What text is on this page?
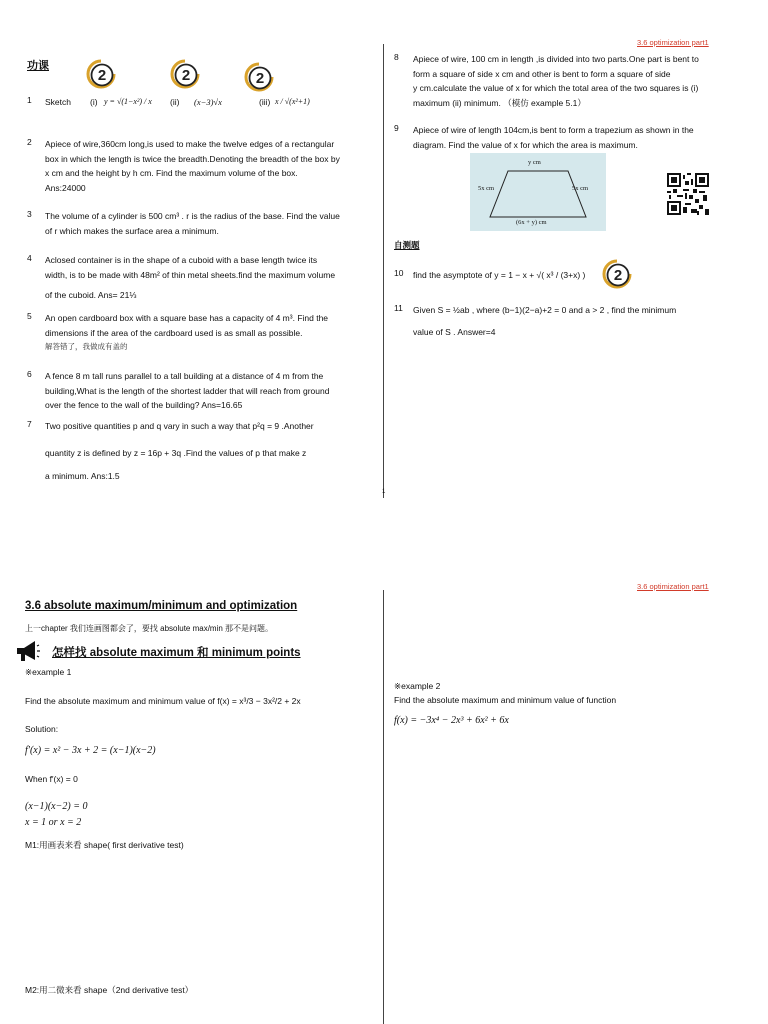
3.6 optimization part1
功课
2	2	2
1 Sketch (i) y = √(1−x²) / x (ii) (x−3)√x	(iii) x / √(x²+1)
2 Apiece of wire,360cm long,is used to make the twelve edges of a rectangular
box in which the length is twice the breadth.Denoting the breadth of the box by
x cm and the height by h cm. Find the maximum volume of the box.
Ans:24000
3 The volume of a cylinder is 500 cm³ . r is the radius of the base. Find the value
of r which makes the surface area a minimum.
4 Aclosed container is in the shape of a cuboid with a base length twice its
width, is to be made with 48m² of thin metal sheets.find the maximum volume
of the cuboid. Ans= 21⅓
5 An open cardboard box with a square base has a capacity of 4 m³. Find the
dimensions if the area of the cardboard used is as small as possible.
解答错了，我做成有盖的
6 A fence 8 m tall runs parallel to a tall building at a distance of 4 m from the
building,What is the length of the shortest ladder that will reach from ground
over the fence to the wall of the building? Ans=16.65
7 Two positive quantities p and q vary in such a way that p²q = 9 .Another
quantity z is defined by z = 16p + 3q .Find the values of p that make z
a minimum. Ans:1.5
1
8 Apiece of wire, 100 cm in length ,is divided into two parts.One part is bent to
form a square of side x cm and other is bent to form a square of side
y cm.calculate the value of x for which the total area of the two squares is (i)
maximum (ii) minimum. （模仿 example 5.1）
9 Apiece of wire of length 104cm,is bent to form a trapezium as shown in the
diagram. Find the value of x for which the area is maximum.
y cm
5x cm	5x cm
(6x + y) cm
自测题
10 find the asymptote of y = 1 − x + √( x³ / (3+x) ) 2
11 Given S = ½ab , where (b−1)(2−a)+2 = 0 and a > 2 , find the minimum
value of S . Answer=4
3.6 optimization part1
3.6 absolute maximum/minimum and optimization
上一chapter 我们连画图都会了，要找 absolute max/min 那不是问题。
怎样找 absolute maximum 和 minimum points
※example 1
Find the absolute maximum and minimum value of f(x) = x³/3 − 3x²/2 + 2x
Solution:
f′(x) = x² − 3x + 2 = (x−1)(x−2)
When f′(x) = 0
(x−1)(x−2) = 0
x = 1 or x = 2
M1:用画表来看 shape( first derivative test)
M2:用二微来看 shape（2nd derivative test）
※example 2
Find the absolute maximum and minimum value of function
f(x) = −3x⁴ − 2x³ + 6x² + 6x
